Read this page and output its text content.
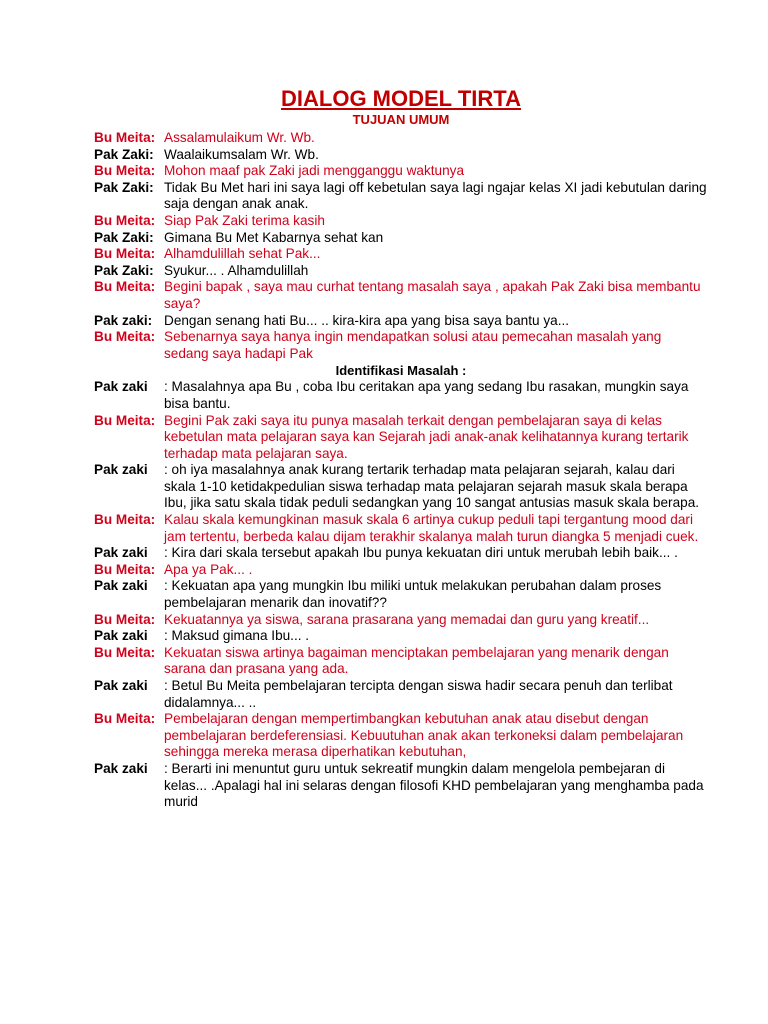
DIALOG MODEL TIRTA
TUJUAN UMUM
Bu Meita: Assalamulaikum Wr. Wb.
Pak Zaki: Waalaikumsalam Wr. Wb.
Bu Meita: Mohon maaf pak Zaki jadi mengganggu waktunya
Pak Zaki: Tidak Bu Met hari ini saya lagi off kebetulan saya lagi ngajar kelas XI jadi kebutulan daring saja dengan anak anak.
Bu Meita: Siap Pak Zaki terima kasih
Pak Zaki: Gimana Bu Met Kabarnya sehat kan
Bu Meita: Alhamdulillah sehat Pak...
Pak Zaki: Syukur... . Alhamdulillah
Bu Meita: Begini bapak , saya mau curhat tentang masalah saya , apakah Pak Zaki bisa membantu saya?
Pak zaki: Dengan senang hati Bu... .. kira-kira apa yang bisa saya bantu ya...
Bu Meita: Sebenarnya saya hanya ingin mendapatkan solusi atau pemecahan masalah yang sedang saya hadapi Pak
Identifikasi Masalah :
Pak zaki : Masalahnya apa Bu , coba Ibu ceritakan apa yang sedang Ibu rasakan, mungkin saya bisa bantu.
Bu Meita: Begini Pak zaki saya itu punya masalah terkait dengan pembelajaran saya di kelas kebetulan mata pelajaran saya kan Sejarah jadi anak-anak kelihatannya kurang tertarik terhadap mata pelajaran saya.
Pak zaki : oh iya masalahnya anak kurang tertarik terhadap mata pelajaran sejarah, kalau dari skala 1-10 ketidakpedulian siswa terhadap mata pelajaran sejarah masuk skala berapa Ibu, jika satu skala tidak peduli sedangkan yang 10 sangat antusias masuk skala berapa.
Bu Meita: Kalau skala kemungkinan masuk skala 6 artinya cukup peduli tapi tergantung mood dari jam tertentu, berbeda kalau dijam terakhir skalanya malah turun diangka 5 menjadi cuek.
Pak zaki : Kira dari skala tersebut apakah Ibu punya kekuatan diri untuk merubah lebih baik... .
Bu Meita: Apa ya Pak... .
Pak zaki : Kekuatan apa yang mungkin Ibu miliki untuk melakukan perubahan dalam proses pembelajaran menarik dan inovatif??
Bu Meita: Kekuatannya ya siswa, sarana prasarana yang memadai dan guru yang kreatif...
Pak zaki : Maksud gimana Ibu... .
Bu Meita: Kekuatan siswa artinya bagaiman menciptakan pembelajaran yang menarik dengan sarana dan prasana yang ada.
Pak zaki : Betul Bu Meita pembelajaran tercipta dengan siswa hadir secara penuh dan terlibat didalamnya... ..
Bu Meita: Pembelajaran dengan mempertimbangkan kebutuhan anak atau disebut dengan pembelajaran berdeferensiasi. Kebuutuhan anak akan terkoneksi dalam pembelajaran sehingga mereka merasa diperhatikan kebutuhan,
Pak zaki : Berarti ini menuntut guru untuk sekreatif mungkin dalam mengelola pembejaran di kelas... .Apalagi hal ini selaras dengan filosofi KHD pembelajaran yang menghamba pada murid
